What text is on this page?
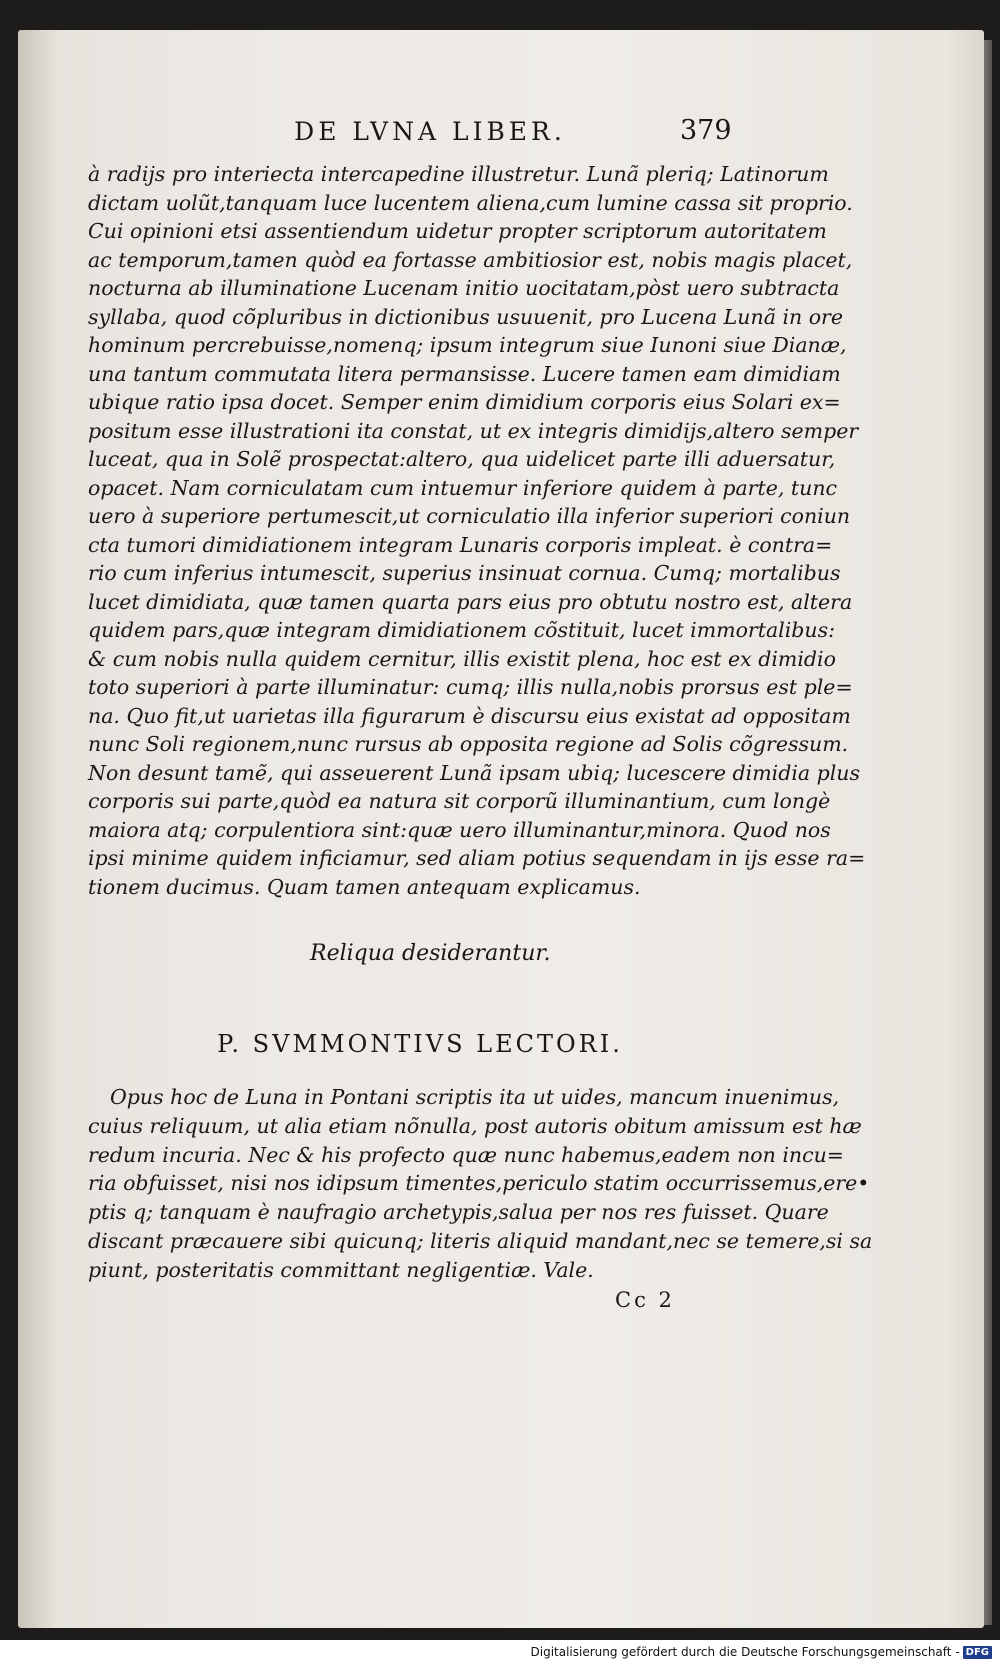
DE LVNA LIBER.	379
à radijs pro interiecta intercapedine illustretur. Lunã pleriq; Latinorum
dictam uolũt,tanquam luce lucentem aliena,cum lumine cassa sit proprio.
Cui opinioni etsi assentiendum uidetur propter scriptorum autoritatem
ac temporum,tamen quòd ea fortasse ambitiosior est, nobis magis placet,
nocturna ab illuminatione Lucenam initio uocitatam,pòst uero subtracta
syllaba, quod cõpluribus in dictionibus usuuenit, pro Lucena Lunã in ore
hominum percrebuisse,nomenq; ipsum integrum siue Iunoni siue Dianæ,
una tantum commutata litera permansisse. Lucere tamen eam dimidiam
ubique ratio ipsa docet. Semper enim dimidium corporis eius Solari ex=
positum esse illustrationi ita constat, ut ex integris dimidijs,altero semper
luceat, qua in Solẽ prospectat:altero, qua uidelicet parte illi aduersatur,
opacet. Nam corniculatam cum intuemur inferiore quidem à parte, tunc
uero à superiore pertumescit,ut corniculatio illa inferior superiori coniun
cta tumori dimidiationem integram Lunaris corporis impleat. è contra=
rio cum inferius intumescit, superius insinuat cornua. Cumq; mortalibus
lucet dimidiata, quæ tamen quarta pars eius pro obtutu nostro est, altera
quidem pars,quæ integram dimidiationem cõstituit, lucet immortalibus:
& cum nobis nulla quidem cernitur, illis existit plena, hoc est ex dimidio
toto superiori à parte illuminatur: cumq; illis nulla,nobis prorsus est ple=
na. Quo fit,ut uarietas illa figurarum è discursu eius existat ad oppositam
nunc Soli regionem,nunc rursus ab opposita regione ad Solis cõgressum.
Non desunt tamẽ, qui asseuerent Lunã ipsam ubiq; lucescere dimidia plus
corporis sui parte,quòd ea natura sit corporũ illuminantium, cum longè
maiora atq; corpulentiora sint:quæ uero illuminantur,minora. Quod nos
ipsi minime quidem inficiamur, sed aliam potius sequendam in ijs esse ra=
tionem ducimus. Quam tamen antequam explicamus.
Reliqua desiderantur.
P. SVMMONTIVS LECTORI.
Opus hoc de Luna in Pontani scriptis ita ut uides, mancum inuenimus,
cuius reliquum, ut alia etiam nõnulla, post autoris obitum amissum est hæ
redum incuria. Nec & his profecto quæ nunc habemus,eadem non incu=
ria obfuisset, nisi nos idipsum timentes,periculo statim occurrissemus,ere•
ptis q; tanquam è naufragio archetypis,salua per nos res fuisset. Quare
discant præcauere sibi quicunq; literis aliquid mandant,nec se temere,si sa
piunt, posteritatis committant negligentiæ. Vale.
Cc 2
Digitalisierung gefördert durch die Deutsche Forschungsgemeinschaft - DFG
